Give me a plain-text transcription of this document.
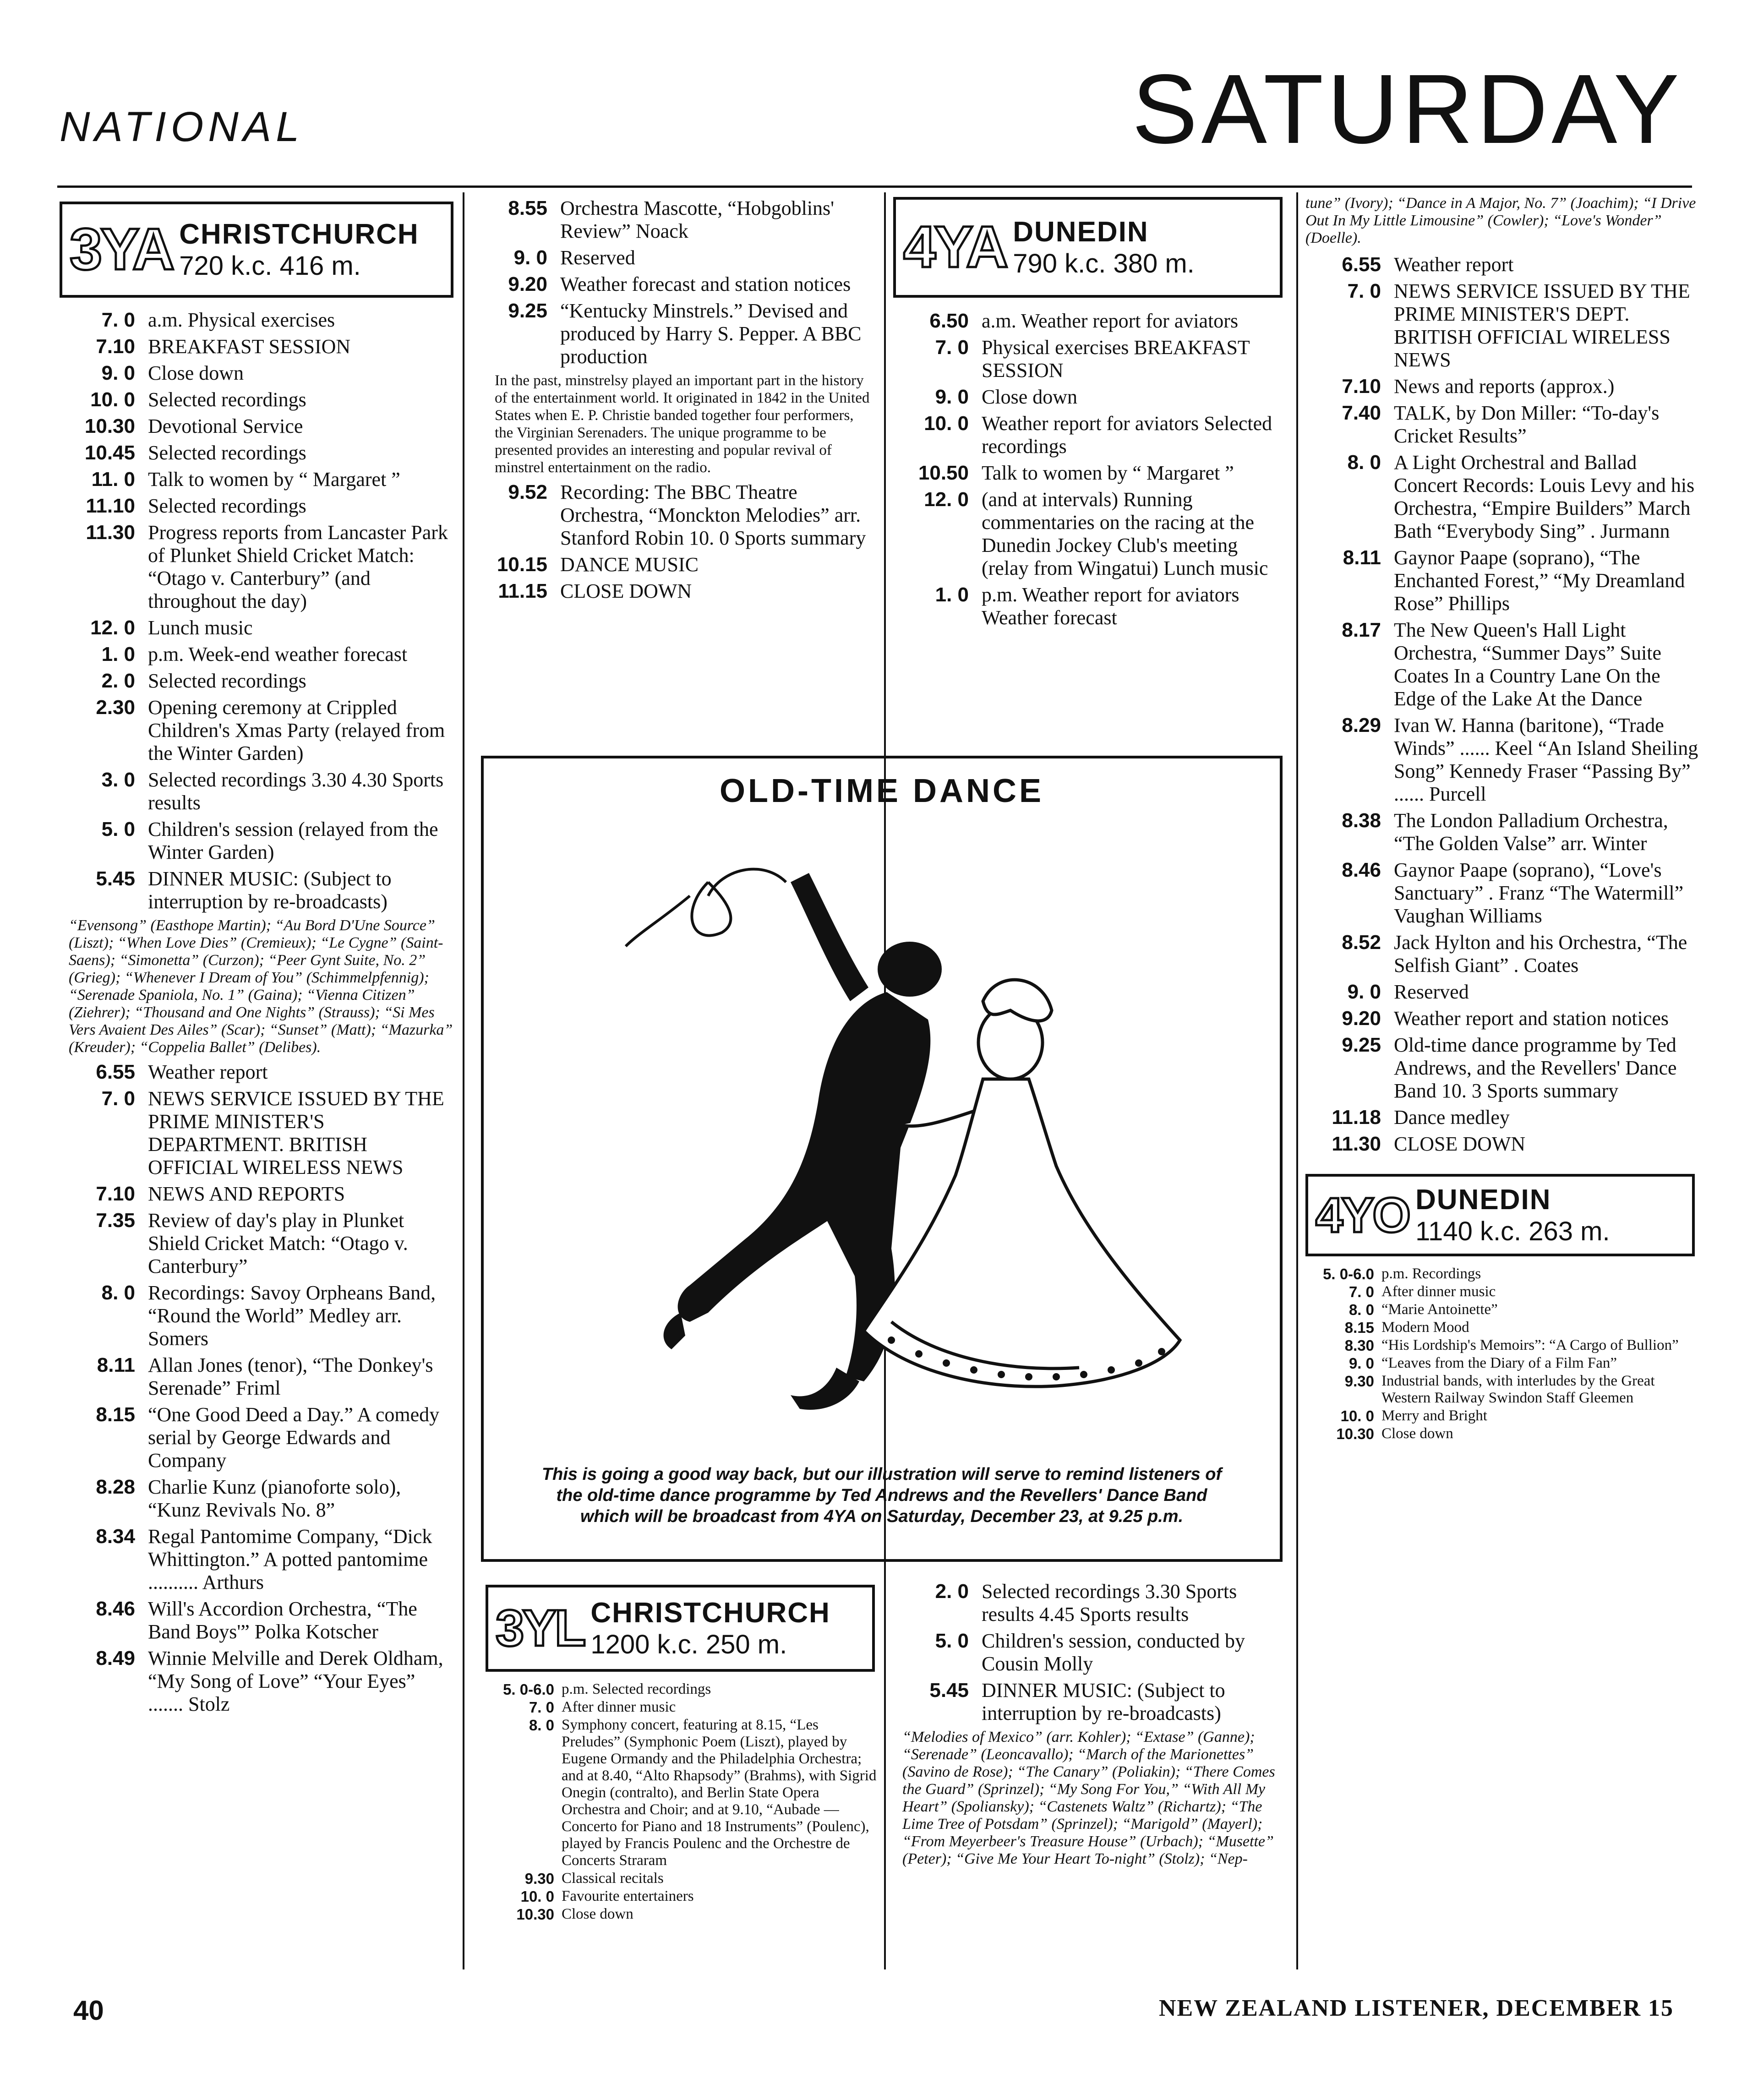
NATIONAL	SATURDAY
3YA CHRISTCHURCH
720 k.c. 416 m.
7. 0 a.m. Physical exercises
7.10 BREAKFAST SESSION
9. 0 Close down
10. 0 Selected recordings
10.30 Devotional Service
10.45 Selected recordings
11. 0 Talk to women by “ Margaret ”
11.10 Selected recordings
11.30 Progress reports from Lancaster Park of Plunket Shield Cricket Match: “Otago v. Canterbury” (and throughout the day)
12. 0 Lunch music
1. 0 p.m. Week-end weather forecast
2. 0 Selected recordings
2.30 Opening ceremony at Crippled Children's Xmas Party (relayed from the Winter Garden)
3. 0 Selected recordings 3.30 4.30 Sports results
5. 0 Children's session (relayed from the Winter Garden)
5.45 DINNER MUSIC: (Subject to interruption by re-broadcasts)
“Evensong” (Easthope Martin); “Au Bord D'Une Source” (Liszt); “When Love Dies” (Cremieux); “Le Cygne” (Saint-Saens); “Simonetta” (Curzon); “Peer Gynt Suite, No. 2” (Grieg); “Whenever I Dream of You” (Schimmelpfennig); “Serenade Spaniola, No. 1” (Gaina); “Vienna Citizen” (Ziehrer); “Thousand and One Nights” (Strauss); “Si Mes Vers Avaient Des Ailes” (Scar); “Sunset” (Matt); “Mazurka” (Kreuder); “Coppelia Ballet” (Delibes).
6.55 Weather report
7. 0 NEWS SERVICE ISSUED BY THE PRIME MINISTER'S DEPARTMENT. BRITISH OFFICIAL WIRELESS NEWS
7.10 NEWS AND REPORTS
7.35 Review of day's play in Plunket Shield Cricket Match: “Otago v. Canterbury”
8. 0 Recordings: Savoy Orpheans Band, “Round the World” Medley arr. Somers
8.11 Allan Jones (tenor), “The Donkey's Serenade” Friml
8.15 “One Good Deed a Day.” A comedy serial by George Edwards and Company
8.28 Charlie Kunz (pianoforte solo), “Kunz Revivals No. 8”
8.34 Regal Pantomime Company, “Dick Whittington.” A potted pantomime .......... Arthurs
8.46 Will's Accordion Orchestra, “The Band Boys'” Polka Kotscher
8.49 Winnie Melville and Derek Oldham, “My Song of Love” “Your Eyes” ....... Stolz
8.55 Orchestra Mascotte, “Hobgoblins' Review” Noack
9. 0 Reserved
9.20 Weather forecast and station notices
9.25 “Kentucky Minstrels.” Devised and produced by Harry S. Pepper. A BBC production
In the past, minstrelsy played an important part in the history of the entertainment world. It originated in 1842 in the United States when E. P. Christie banded together four performers, the Virginian Serenaders. The unique programme to be presented provides an interesting and popular revival of minstrel entertainment on the radio.
9.52 Recording: The BBC Theatre Orchestra, “Monckton Melodies” arr. Stanford Robin 10. 0 Sports summary
10.15 DANCE MUSIC
11.15 CLOSE DOWN
4YA DUNEDIN
790 k.c. 380 m.
6.50 a.m. Weather report for aviators
7. 0 Physical exercises BREAKFAST SESSION
9. 0 Close down
10. 0 Weather report for aviators Selected recordings
10.50 Talk to women by “ Margaret ”
12. 0 (and at intervals) Running commentaries on the racing at the Dunedin Jockey Club's meeting (relay from Wingatui) Lunch music
1. 0 p.m. Weather report for aviators Weather forecast
OLD-TIME DANCE
This is going a good way back, but our illustration will serve to remind listeners of the old-time dance programme by Ted Andrews and the Revellers' Dance Band which will be broadcast from 4YA on Saturday, December 23, at 9.25 p.m.
3YL CHRISTCHURCH
1200 k.c. 250 m.
5. 0-6.0 p.m. Selected recordings
7. 0 After dinner music
8. 0 Symphony concert, featuring at 8.15, “Les Preludes” (Symphonic Poem (Liszt), played by Eugene Ormandy and the Philadelphia Orchestra; and at 8.40, “Alto Rhapsody” (Brahms), with Sigrid Onegin (contralto), and Berlin State Opera Orchestra and Choir; and at 9.10, “Aubade — Concerto for Piano and 18 Instruments” (Poulenc), played by Francis Poulenc and the Orchestre de Concerts Straram
9.30 Classical recitals
10. 0 Favourite entertainers
10.30 Close down
2. 0 Selected recordings 3.30 Sports results 4.45 Sports results
5. 0 Children's session, conducted by Cousin Molly
5.45 DINNER MUSIC: (Subject to interruption by re-broadcasts)
“Melodies of Mexico” (arr. Kohler); “Extase” (Ganne); “Serenade” (Leoncavallo); “March of the Marionettes” (Savino de Rose); “The Canary” (Poliakin); “There Comes the Guard” (Sprinzel); “My Song For You,” “With All My Heart” (Spoliansky); “Castenets Waltz” (Richartz); “The Lime Tree of Potsdam” (Sprinzel); “Marigold” (Mayerl); “From Meyerbeer's Treasure House” (Urbach); “Musette” (Peter); “Give Me Your Heart To-night” (Stolz); “Nep-
tune” (Ivory); “Dance in A Major, No. 7” (Joachim); “I Drive Out In My Little Limousine” (Cowler); “Love's Wonder” (Doelle).
6.55 Weather report
7. 0 NEWS SERVICE ISSUED BY THE PRIME MINISTER'S DEPT. BRITISH OFFICIAL WIRELESS NEWS
7.10 News and reports (approx.)
7.40 TALK, by Don Miller: “To-day's Cricket Results”
8. 0 A Light Orchestral and Ballad Concert Records: Louis Levy and his Orchestra, “Empire Builders” March Bath “Everybody Sing” . Jurmann
8.11 Gaynor Paape (soprano), “The Enchanted Forest,” “My Dreamland Rose” Phillips
8.17 The New Queen's Hall Light Orchestra, “Summer Days” Suite Coates In a Country Lane On the Edge of the Lake At the Dance
8.29 Ivan W. Hanna (baritone), “Trade Winds” ...... Keel “An Island Sheiling Song” Kennedy Fraser “Passing By” ...... Purcell
8.38 The London Palladium Orchestra, “The Golden Valse” arr. Winter
8.46 Gaynor Paape (soprano), “Love's Sanctuary” . Franz “The Watermill” Vaughan Williams
8.52 Jack Hylton and his Orchestra, “The Selfish Giant” . Coates
9. 0 Reserved
9.20 Weather report and station notices
9.25 Old-time dance programme by Ted Andrews, and the Revellers' Dance Band 10. 3 Sports summary
11.18 Dance medley
11.30 CLOSE DOWN
4YO DUNEDIN
1140 k.c. 263 m.
5. 0-6.0 p.m. Recordings
7. 0 After dinner music
8. 0 “Marie Antoinette”
8.15 Modern Mood
8.30 “His Lordship's Memoirs”: “A Cargo of Bullion”
9. 0 “Leaves from the Diary of a Film Fan”
9.30 Industrial bands, with interludes by the Great Western Railway Swindon Staff Gleemen
10. 0 Merry and Bright
10.30 Close down
40	NEW ZEALAND LISTENER, DECEMBER 15
